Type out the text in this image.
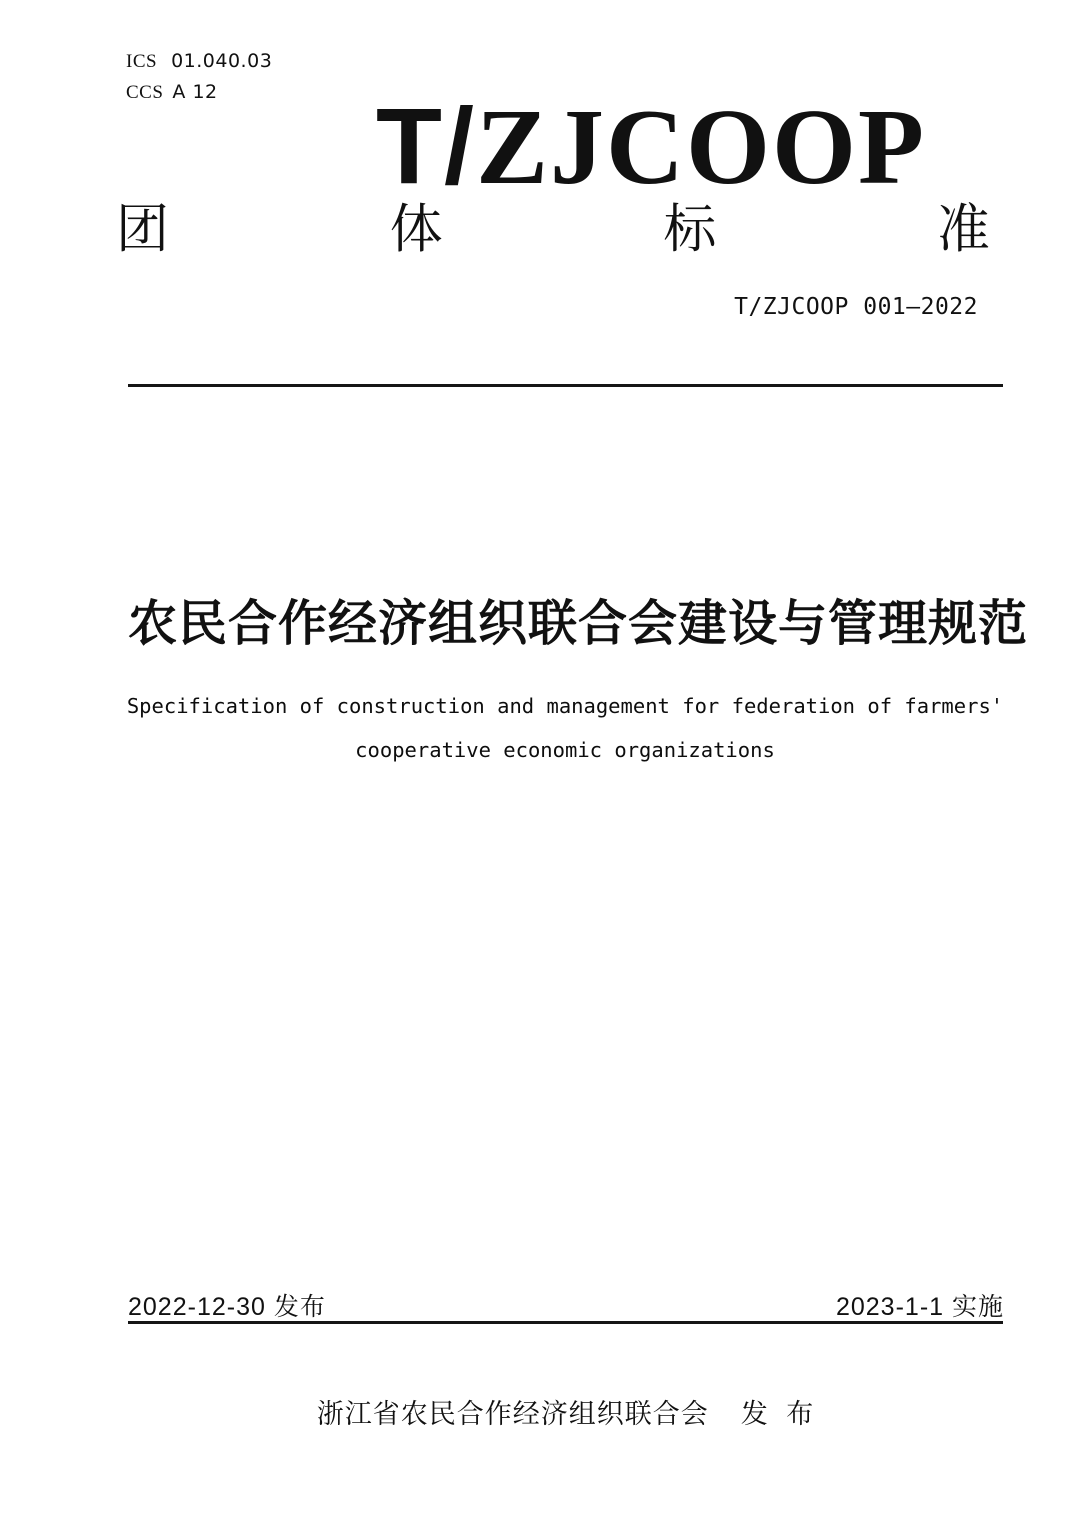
ICS 01.040.03
CCS A 12	T/ZJCOOP
团	体	标	准
T/ZJCOOP 001—2022
农民合作经济组织联合会建设与管理规范
Specification of construction and management for federation of farmers'
cooperative economic organizations
2022-12-30 发布	2023-1-1 实施
浙江省农民合作经济组织联合会 发 布
